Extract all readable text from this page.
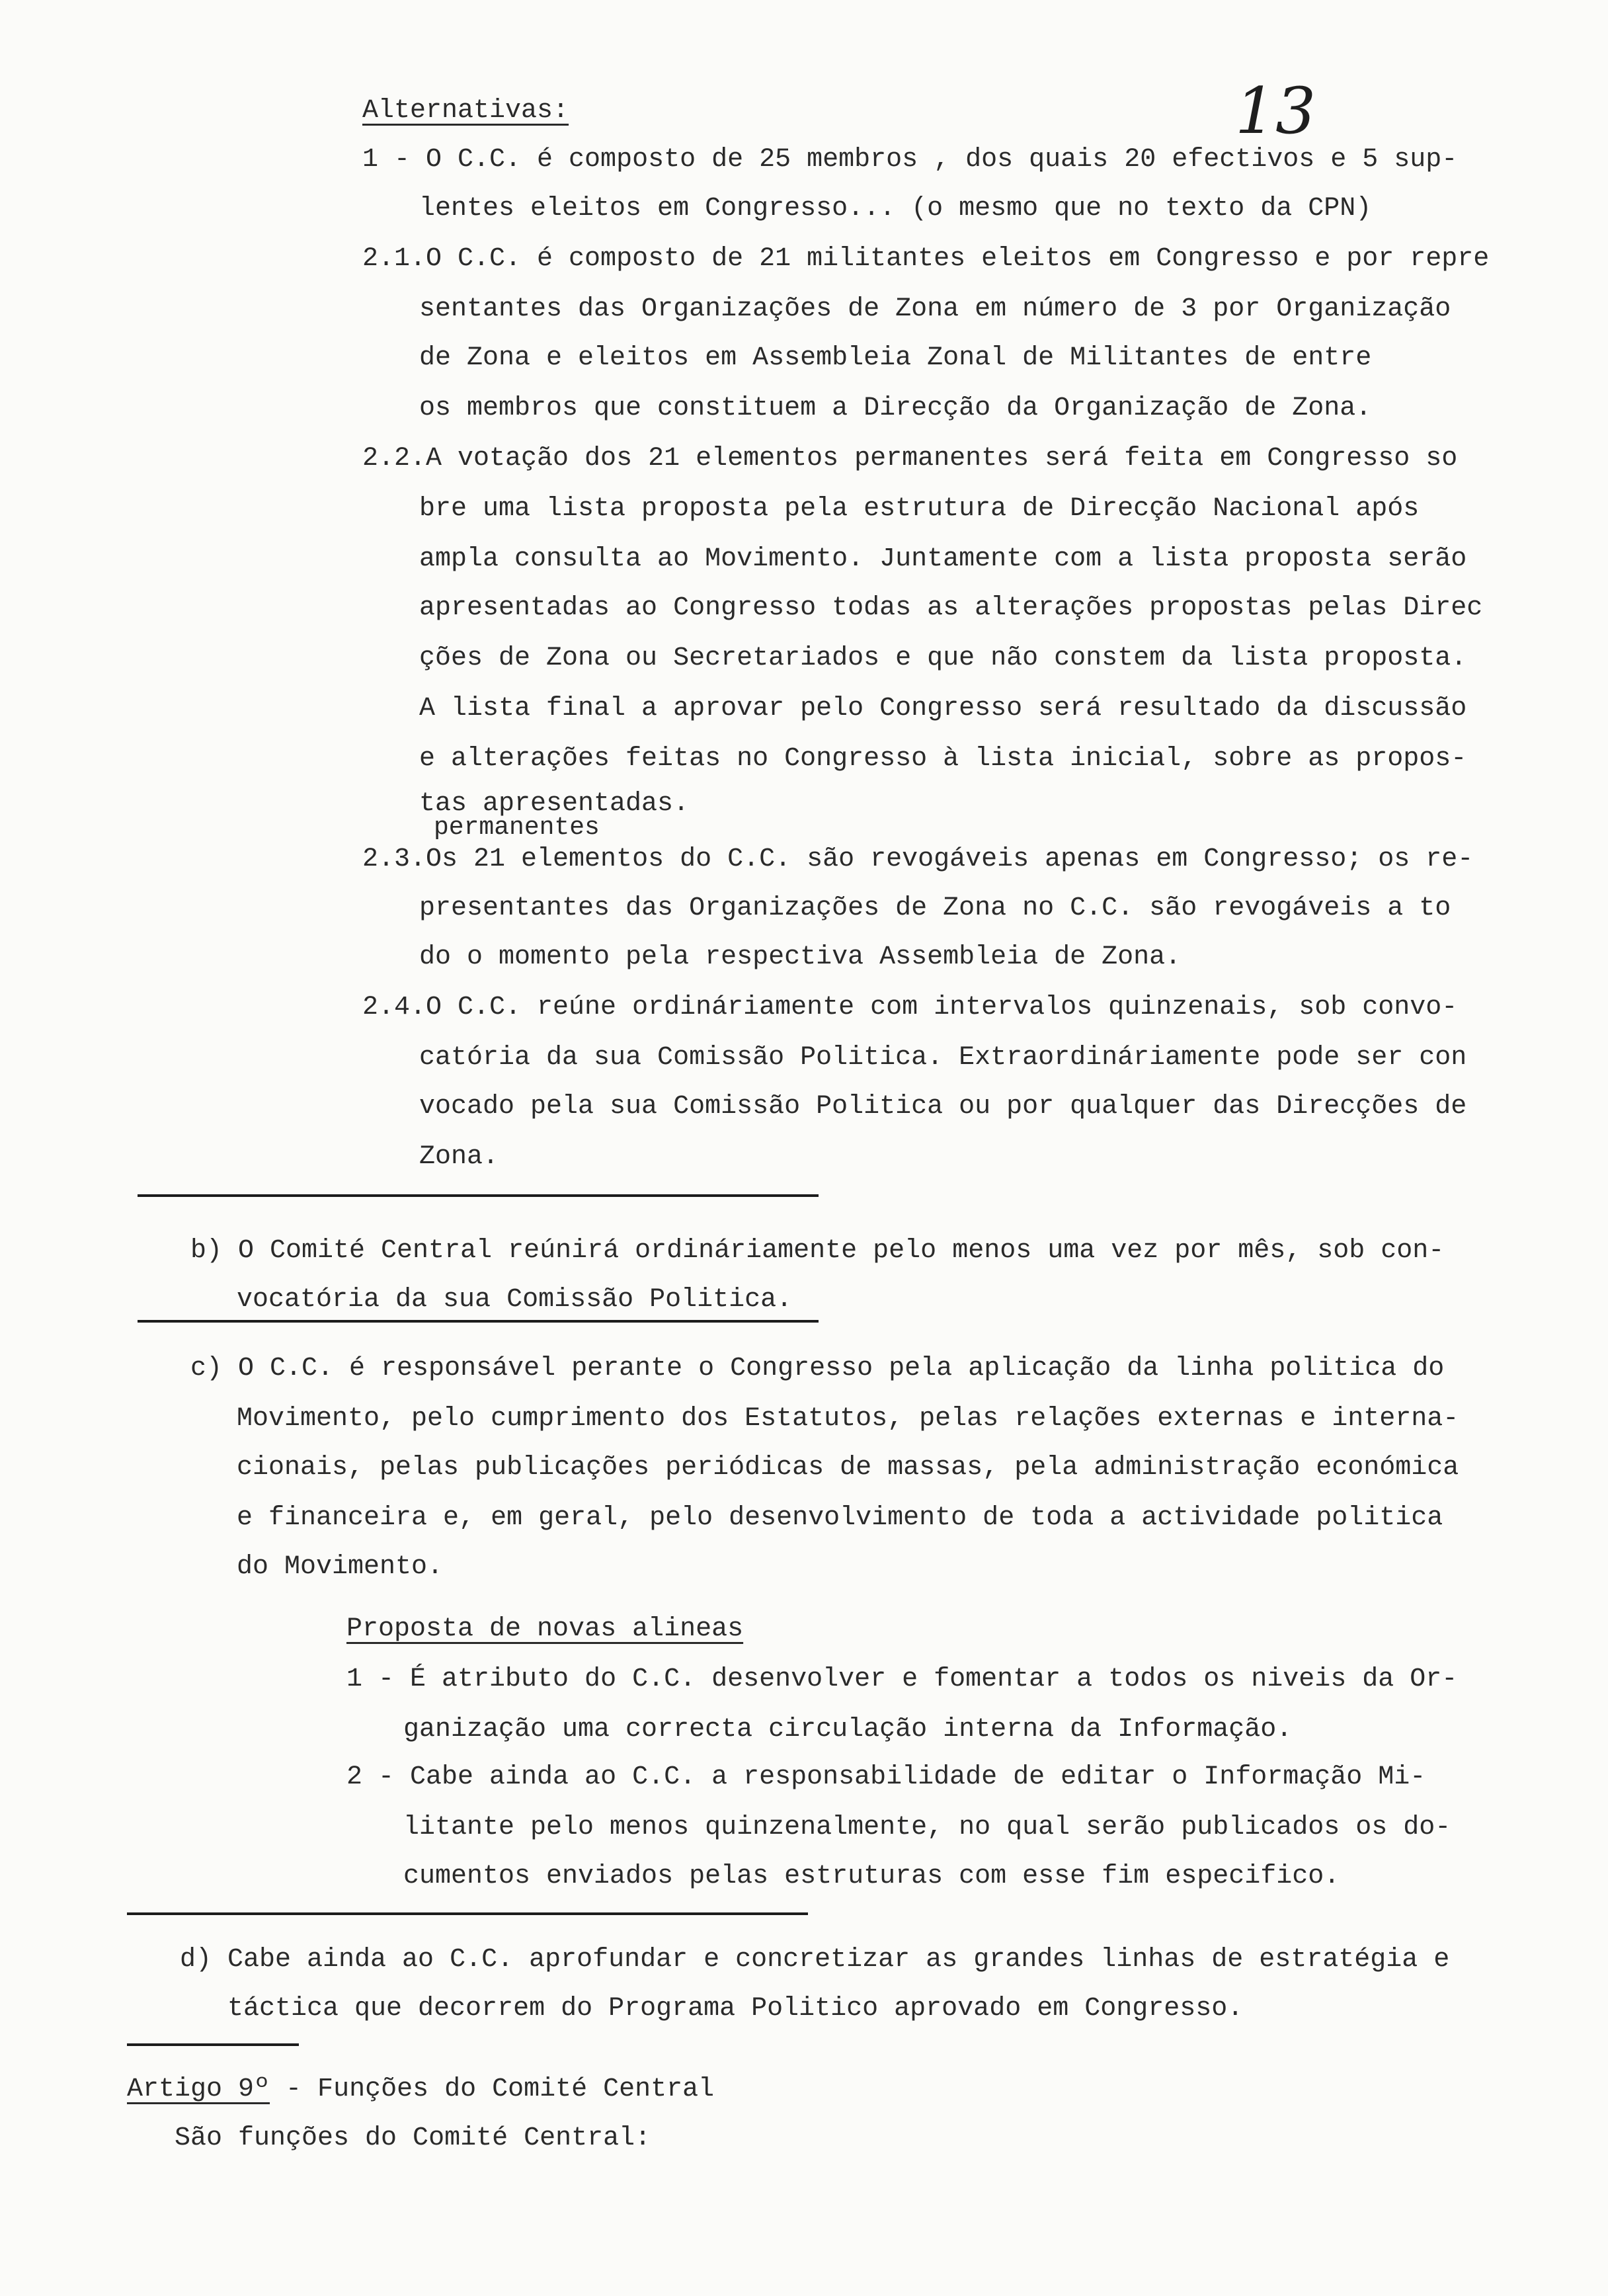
13
Alternativas:
1 - O C.C. é composto de 25 membros , dos quais 20 efectivos e 5 sup-
lentes eleitos em Congresso... (o mesmo que no texto da CPN)
2.1.O C.C. é composto de 21 militantes eleitos em Congresso e por repre
sentantes das Organizações de Zona em número de 3 por Organização
de Zona e eleitos em Assembleia Zonal de Militantes de entre
os membros que constituem a Direcção da Organização de Zona.
2.2.A votação dos 21 elementos permanentes será feita em Congresso so
bre uma lista proposta pela estrutura de Direcção Nacional após
ampla consulta ao Movimento. Juntamente com a lista proposta serão
apresentadas ao Congresso todas as alterações propostas pelas Direc
ções de Zona ou Secretariados e que não constem da lista proposta.
A lista final a aprovar pelo Congresso será resultado da discussão
e alterações feitas no Congresso à lista inicial, sobre as propos-
tas apresentadas.
permanentes
2.3.Os 21 elementos do C.C. são revogáveis apenas em Congresso; os re-
presentantes das Organizações de Zona no C.C. são revogáveis a to
do o momento pela respectiva Assembleia de Zona.
2.4.O C.C. reúne ordináriamente com intervalos quinzenais, sob convo-
catória da sua Comissão Politica. Extraordináriamente pode ser con
vocado pela sua Comissão Politica ou por qualquer das Direcções de
Zona.
b) O Comité Central reúnirá ordináriamente pelo menos uma vez por mês, sob con-
vocatória da sua Comissão Politica.
c) O C.C. é responsável perante o Congresso pela aplicação da linha politica do
Movimento, pelo cumprimento dos Estatutos, pelas relações externas e interna-
cionais, pelas publicações periódicas de massas, pela administração económica
e financeira e, em geral, pelo desenvolvimento de toda a actividade politica
do Movimento.
Proposta de novas alineas
1 - É atributo do C.C. desenvolver e fomentar a todos os niveis da Or-
ganização uma correcta circulação interna da Informação.
2 - Cabe ainda ao C.C. a responsabilidade de editar o Informação Mi-
litante pelo menos quinzenalmente, no qual serão publicados os do-
cumentos enviados pelas estruturas com esse fim especifico.
d) Cabe ainda ao C.C. aprofundar e concretizar as grandes linhas de estratégia e
táctica que decorrem do Programa Politico aprovado em Congresso.
Artigo 9º - Funções do Comité Central
São funções do Comité Central:
